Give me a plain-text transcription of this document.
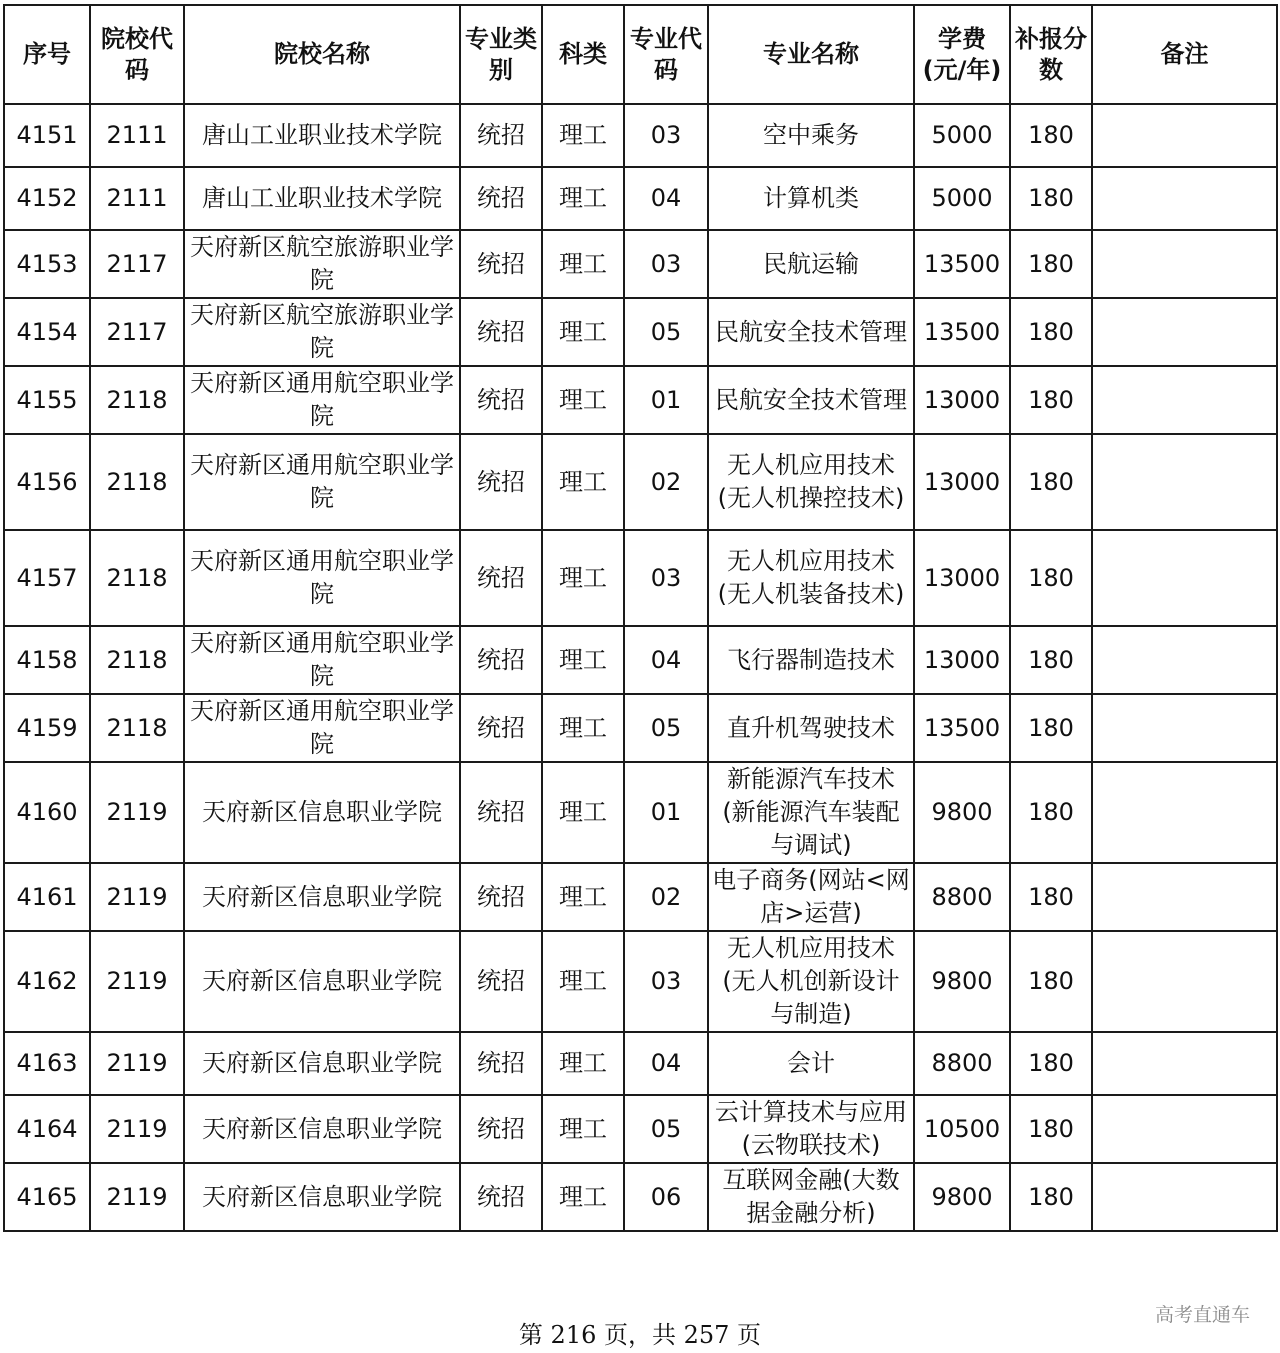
序号	院校代码	院校名称	专业类别	科类	专业代码	专业名称	学费(元/年)	补报分数	备注
4151	2111	唐山工业职业技术学院	统招	理工	03	空中乘务	5000	180	
4152	2111	唐山工业职业技术学院	统招	理工	04	计算机类	5000	180	
4153	2117	天府新区航空旅游职业学院	统招	理工	03	民航运输	13500	180	
4154	2117	天府新区航空旅游职业学院	统招	理工	05	民航安全技术管理	13500	180	
4155	2118	天府新区通用航空职业学院	统招	理工	01	民航安全技术管理	13000	180	
4156	2118	天府新区通用航空职业学院	统招	理工	02	无人机应用技术(无人机操控技术)	13000	180	
4157	2118	天府新区通用航空职业学院	统招	理工	03	无人机应用技术(无人机装备技术)	13000	180	
4158	2118	天府新区通用航空职业学院	统招	理工	04	飞行器制造技术	13000	180	
4159	2118	天府新区通用航空职业学院	统招	理工	05	直升机驾驶技术	13500	180	
4160	2119	天府新区信息职业学院	统招	理工	01	新能源汽车技术(新能源汽车装配与调试)	9800	180	
4161	2119	天府新区信息职业学院	统招	理工	02	电子商务(网站<网店>运营)	8800	180	
4162	2119	天府新区信息职业学院	统招	理工	03	无人机应用技术(无人机创新设计与制造)	9800	180	
4163	2119	天府新区信息职业学院	统招	理工	04	会计	8800	180	
4164	2119	天府新区信息职业学院	统招	理工	05	云计算技术与应用(云物联技术)	10500	180	
4165	2119	天府新区信息职业学院	统招	理工	06	互联网金融(大数据金融分析)	9800	180	
第 216 页，共 257 页
高考直通车
